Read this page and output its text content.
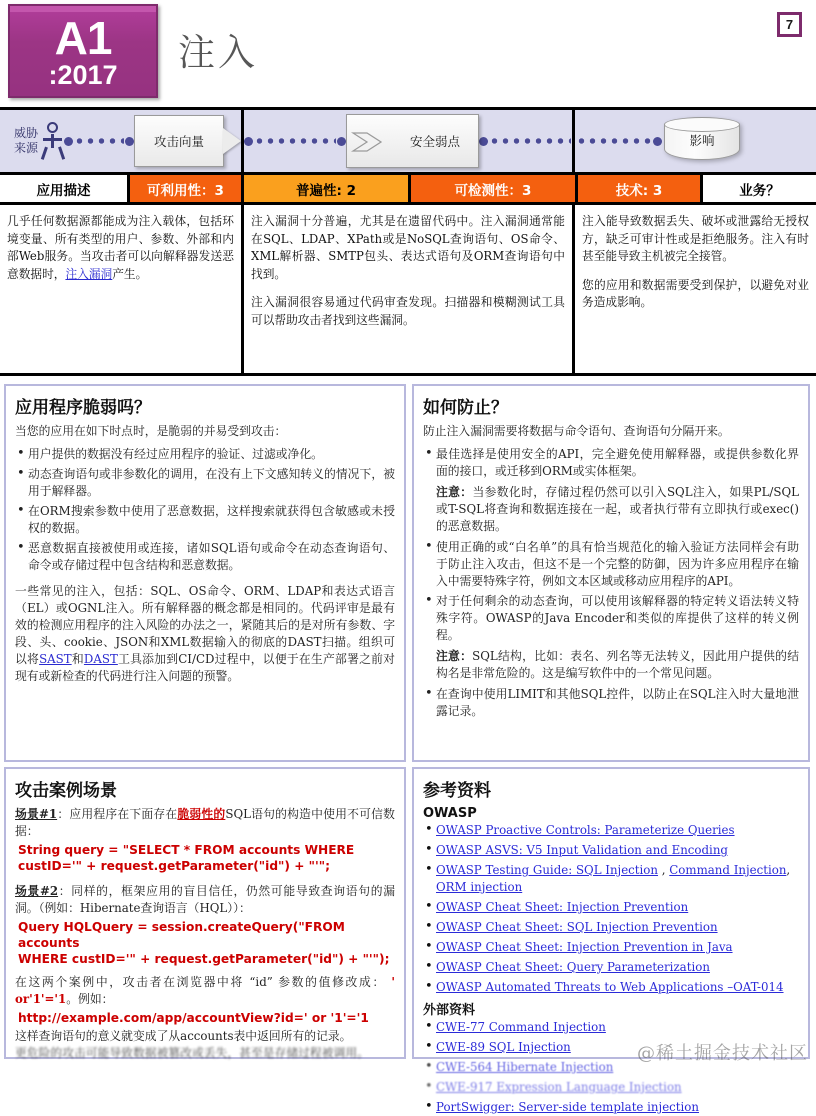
A1
:2017
注入
7
威胁
来源	攻击向量	安全弱点	影响
应用描述	可利用性：3	普遍性: 2	可检测性：3	技术: 3	业务？

几乎任何数据源都能成为注入载体，包括环境变量、所有类型的用户、参数、外部和内部Web服务。当攻击者可以向解释器发送恶意数据时，注入漏洞产生。

注入漏洞十分普遍，尤其是在遗留代码中。注入漏洞通常能在SQL、LDAP、XPath或是NoSQL查询语句、OS命令、XML解析器、SMTP包头、表达式语句及ORM查询语句中找到。

注入漏洞很容易通过代码审查发现。扫描器和模糊测试工具可以帮助攻击者找到这些漏洞。

注入能导致数据丢失、破坏或泄露给无授权方，缺乏可审计性或是拒绝服务。注入有时甚至能导致主机被完全接管。

您的应用和数据需要受到保护，以避免对业务造成影响。

应用程序脆弱吗？

当您的应用在如下时点时，是脆弱的并易受到攻击：

• 用户提供的数据没有经过应用程序的验证、过滤或净化。
• 动态查询语句或非参数化的调用，在没有上下文感知转义的情况下，被用于解释器。
• 在ORM搜索参数中使用了恶意数据，这样搜索就获得包含敏感或未授权的数据。
• 恶意数据直接被使用或连接，诸如SQL语句或命令在动态查询语句、命令或存储过程中包含结构和恶意数据。

一些常见的注入，包括：SQL、OS命令、ORM、LDAP和表达式语言（EL）或OGNL注入。所有解释器的概念都是相同的。代码评审是最有效的检测应用程序的注入风险的办法之一，紧随其后的是对所有参数、字段、头、cookie、JSON和XML数据输入的彻底的DAST扫描。组织可以将SAST和DAST工具添加到CI/CD过程中，以便于在生产部署之前对现有或新检查的代码进行注入问题的预警。

如何防止？

防止注入漏洞需要将数据与命令语句、查询语句分隔开来。

• 最佳选择是使用安全的API，完全避免使用解释器，或提供参数化界面的接口，或迁移到ORM或实体框架。

注意：当参数化时，存储过程仍然可以引入SQL注入，如果PL/SQL或T-SQL将查询和数据连接在一起，或者执行带有立即执行或exec()的恶意数据。

• 使用正确的或“白名单”的具有恰当规范化的输入验证方法同样会有助于防止注入攻击，但这不是一个完整的防御，因为许多应用程序在输入中需要特殊字符，例如文本区域或移动应用程序的API。
• 对于任何剩余的动态查询，可以使用该解释器的特定转义语法转义特殊字符。OWASP的Java Encoder和类似的库提供了这样的转义例程。

注意：SQL结构，比如：表名、列名等无法转义，因此用户提供的结构名是非常危险的。这是编写软件中的一个常见问题。

• 在查询中使用LIMIT和其他SQL控件，以防止在SQL注入时大量地泄露记录。
攻击案例场景

场景#1：应用程序在下面存在脆弱性的SQL语句的构造中使用不可信数据：

String query = "SELECT * FROM accounts WHERE
custID='" + request.getParameter("id") + "'";

场景#2：同样的，框架应用的盲目信任，仍然可能导致查询语句的漏洞。（例如：Hibernate查询语言（HQL））：

Query HQLQuery = session.createQuery("FROM accounts
WHERE custID='" + request.getParameter("id") + "'");

在这两个案例中，攻击者在浏览器中将 “id” 参数的值修改成： ' or'1'='1。例如：

http://example.com/app/accountView?id=' or '1'='1

这样查询语句的意义就变成了从accounts表中返回所有的记录。

更危险的攻击可能导致数据被篡改或丢失，甚至是存储过程被调用。

参考资料
OWASP
• OWASP Proactive Controls: Parameterize Queries
• OWASP ASVS: V5 Input Validation and Encoding
• OWASP Testing Guide: SQL Injection , Command Injection,
ORM injection
• OWASP Cheat Sheet: Injection Prevention
• OWASP Cheat Sheet: SQL Injection Prevention
• OWASP Cheat Sheet: Injection Prevention in Java
• OWASP Cheat Sheet: Query Parameterization
• OWASP Automated Threats to Web Applications –OAT-014
外部资料
• CWE-77 Command Injection
• CWE-89 SQL Injection
• CWE-564 Hibernate Injection
• CWE-917 Expression Language Injection
• PortSwigger: Server-side template injection
@稀土掘金技术社区
